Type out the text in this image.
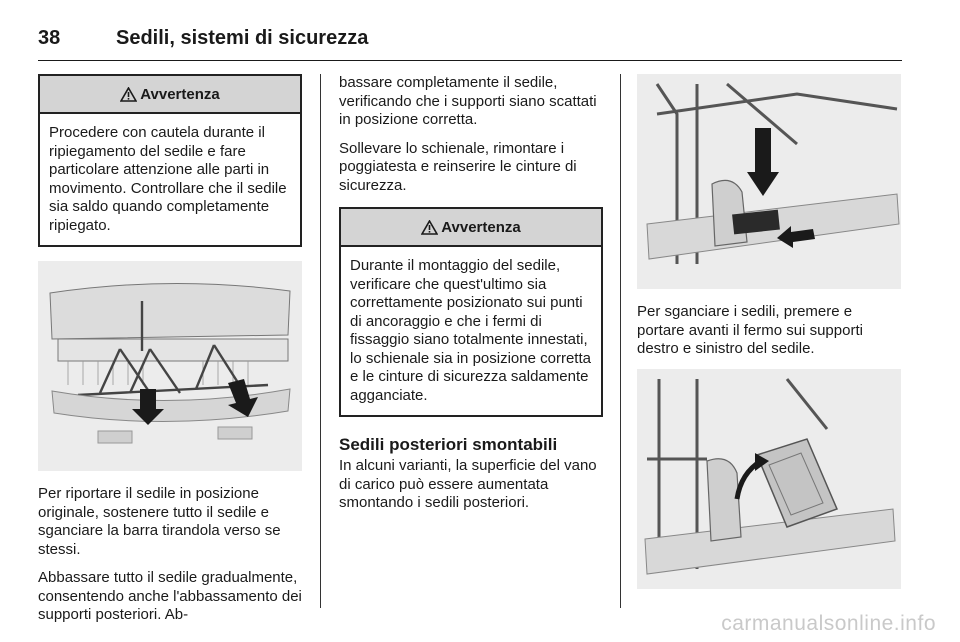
38	Sedili, sistemi di sicurezza
Avvertenza
Procedere con cautela durante il ripiegamento del sedile e fare particolare attenzione alle parti in movimento. Controllare che il sedile sia saldo quando completamente ripiegato.

Per riportare il sedile in posizione originale, sostenere tutto il sedile e sganciare la barra tirandola verso se stessi.

Abbassare tutto il sedile gradualmente, consentendo anche l'abbassamento dei supporti posteriori. Ab-

bassare completamente il sedile, verificando che i supporti siano scattati in posizione corretta.

Sollevare lo schienale, rimontare i poggiatesta e reinserire le cinture di sicurezza.

Avvertenza
Durante il montaggio del sedile, verificare che quest'ultimo sia correttamente posizionato sui punti di ancoraggio e che i fermi di fissaggio siano totalmente innestati, lo schienale sia in posizione corretta e le cinture di sicurezza saldamente agganciate.
Sedili posteriori smontabili

In alcuni varianti, la superficie del vano di carico può essere aumentata smontando i sedili posteriori.

Per sganciare i sedili, premere e portare avanti il fermo sui supporti destro e sinistro del sedile.

carmanualsonline.info
